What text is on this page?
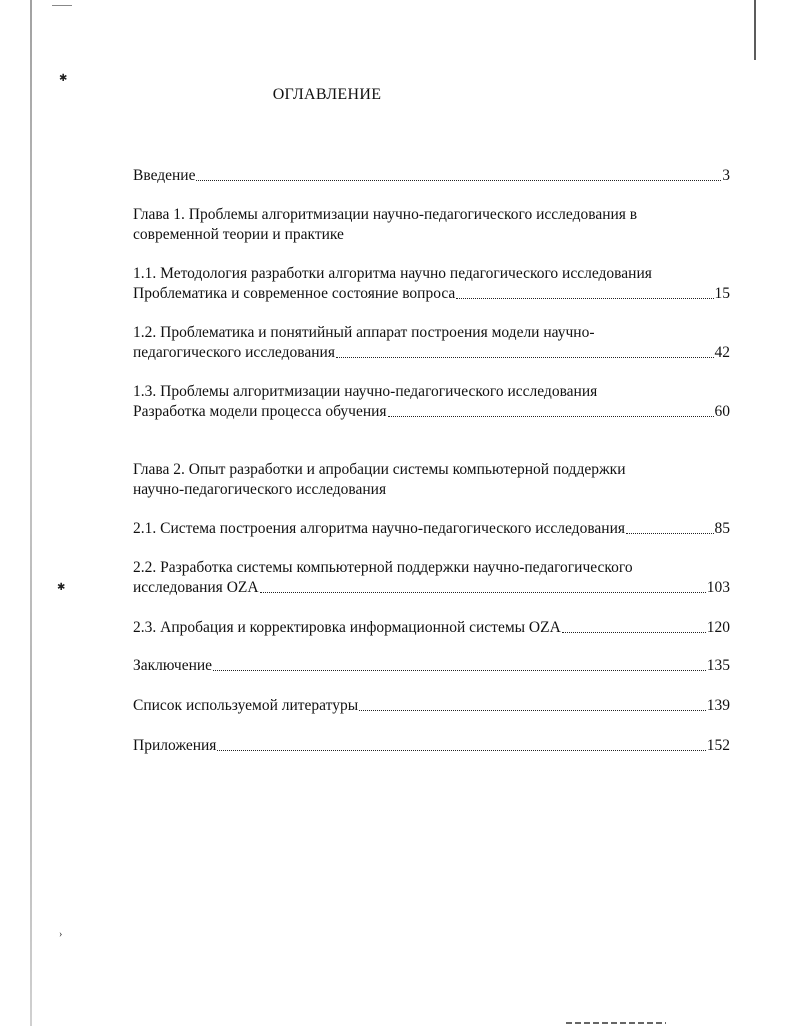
✱
✱
›
ОГЛАВЛЕНИЕ
Введение	3
Глава 1. Проблемы алгоритмизации научно-педагогического исследования в
современной теории и практике
1.1. Методология разработки алгоритма научно педагогического исследования
Проблематика и современное состояние вопроса	15
1.2. Проблематика и понятийный аппарат построения модели научно-
педагогического исследования	42
1.3. Проблемы алгоритмизации научно-педагогического исследования
Разработка модели процесса обучения	60
Глава 2. Опыт разработки и апробации системы компьютерной поддержки
научно-педагогического исследования
2.1. Система построения алгоритма научно-педагогического исследования	85
2.2. Разработка системы компьютерной поддержки научно-педагогического
исследования OZA	103
2.3. Апробация и корректировка информационной системы OZA	120
Заключение	135
Список используемой литературы	139
Приложения	152
